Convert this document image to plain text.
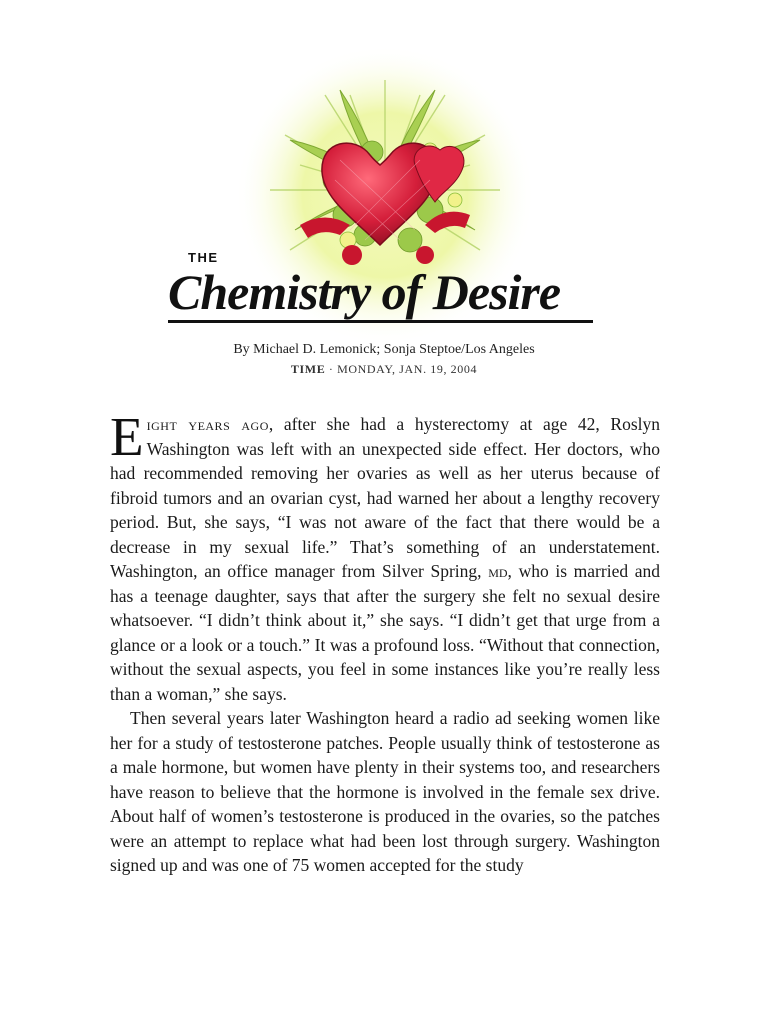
THE
Chemistry of Desire
By Michael D. Lemonick; Sonja Steptoe/Los Angeles
TIME · MONDAY, JAN. 19, 2004

Eight years ago, after she had a hysterectomy at age 42, Roslyn Washington was left with an unexpected side effect. Her doctors, who had recommended removing her ovaries as well as her uterus because of fibroid tumors and an ovarian cyst, had warned her about a lengthy recovery period. But, she says, “I was not aware of the fact that there would be a decrease in my sexual life.” That’s something of an understatement. Washington, an office manager from Silver Spring, md, who is married and has a teenage daughter, says that after the surgery she felt no sexual desire whatsoever. “I didn’t think about it,” she says. “I didn’t get that urge from a glance or a look or a touch.” It was a profound loss. “Without that connection, without the sexual aspects, you feel in some instances like you’re really less than a woman,” she says.

Then several years later Washington heard a radio ad seeking women like her for a study of testosterone patches. People usually think of testosterone as a male hormone, but women have plenty in their systems too, and researchers have reason to believe that the hormone is involved in the female sex drive. About half of women’s testosterone is produced in the ovaries, so the patches were an attempt to replace what had been lost through surgery. Washington signed up and was one of 75 women accepted for the study
